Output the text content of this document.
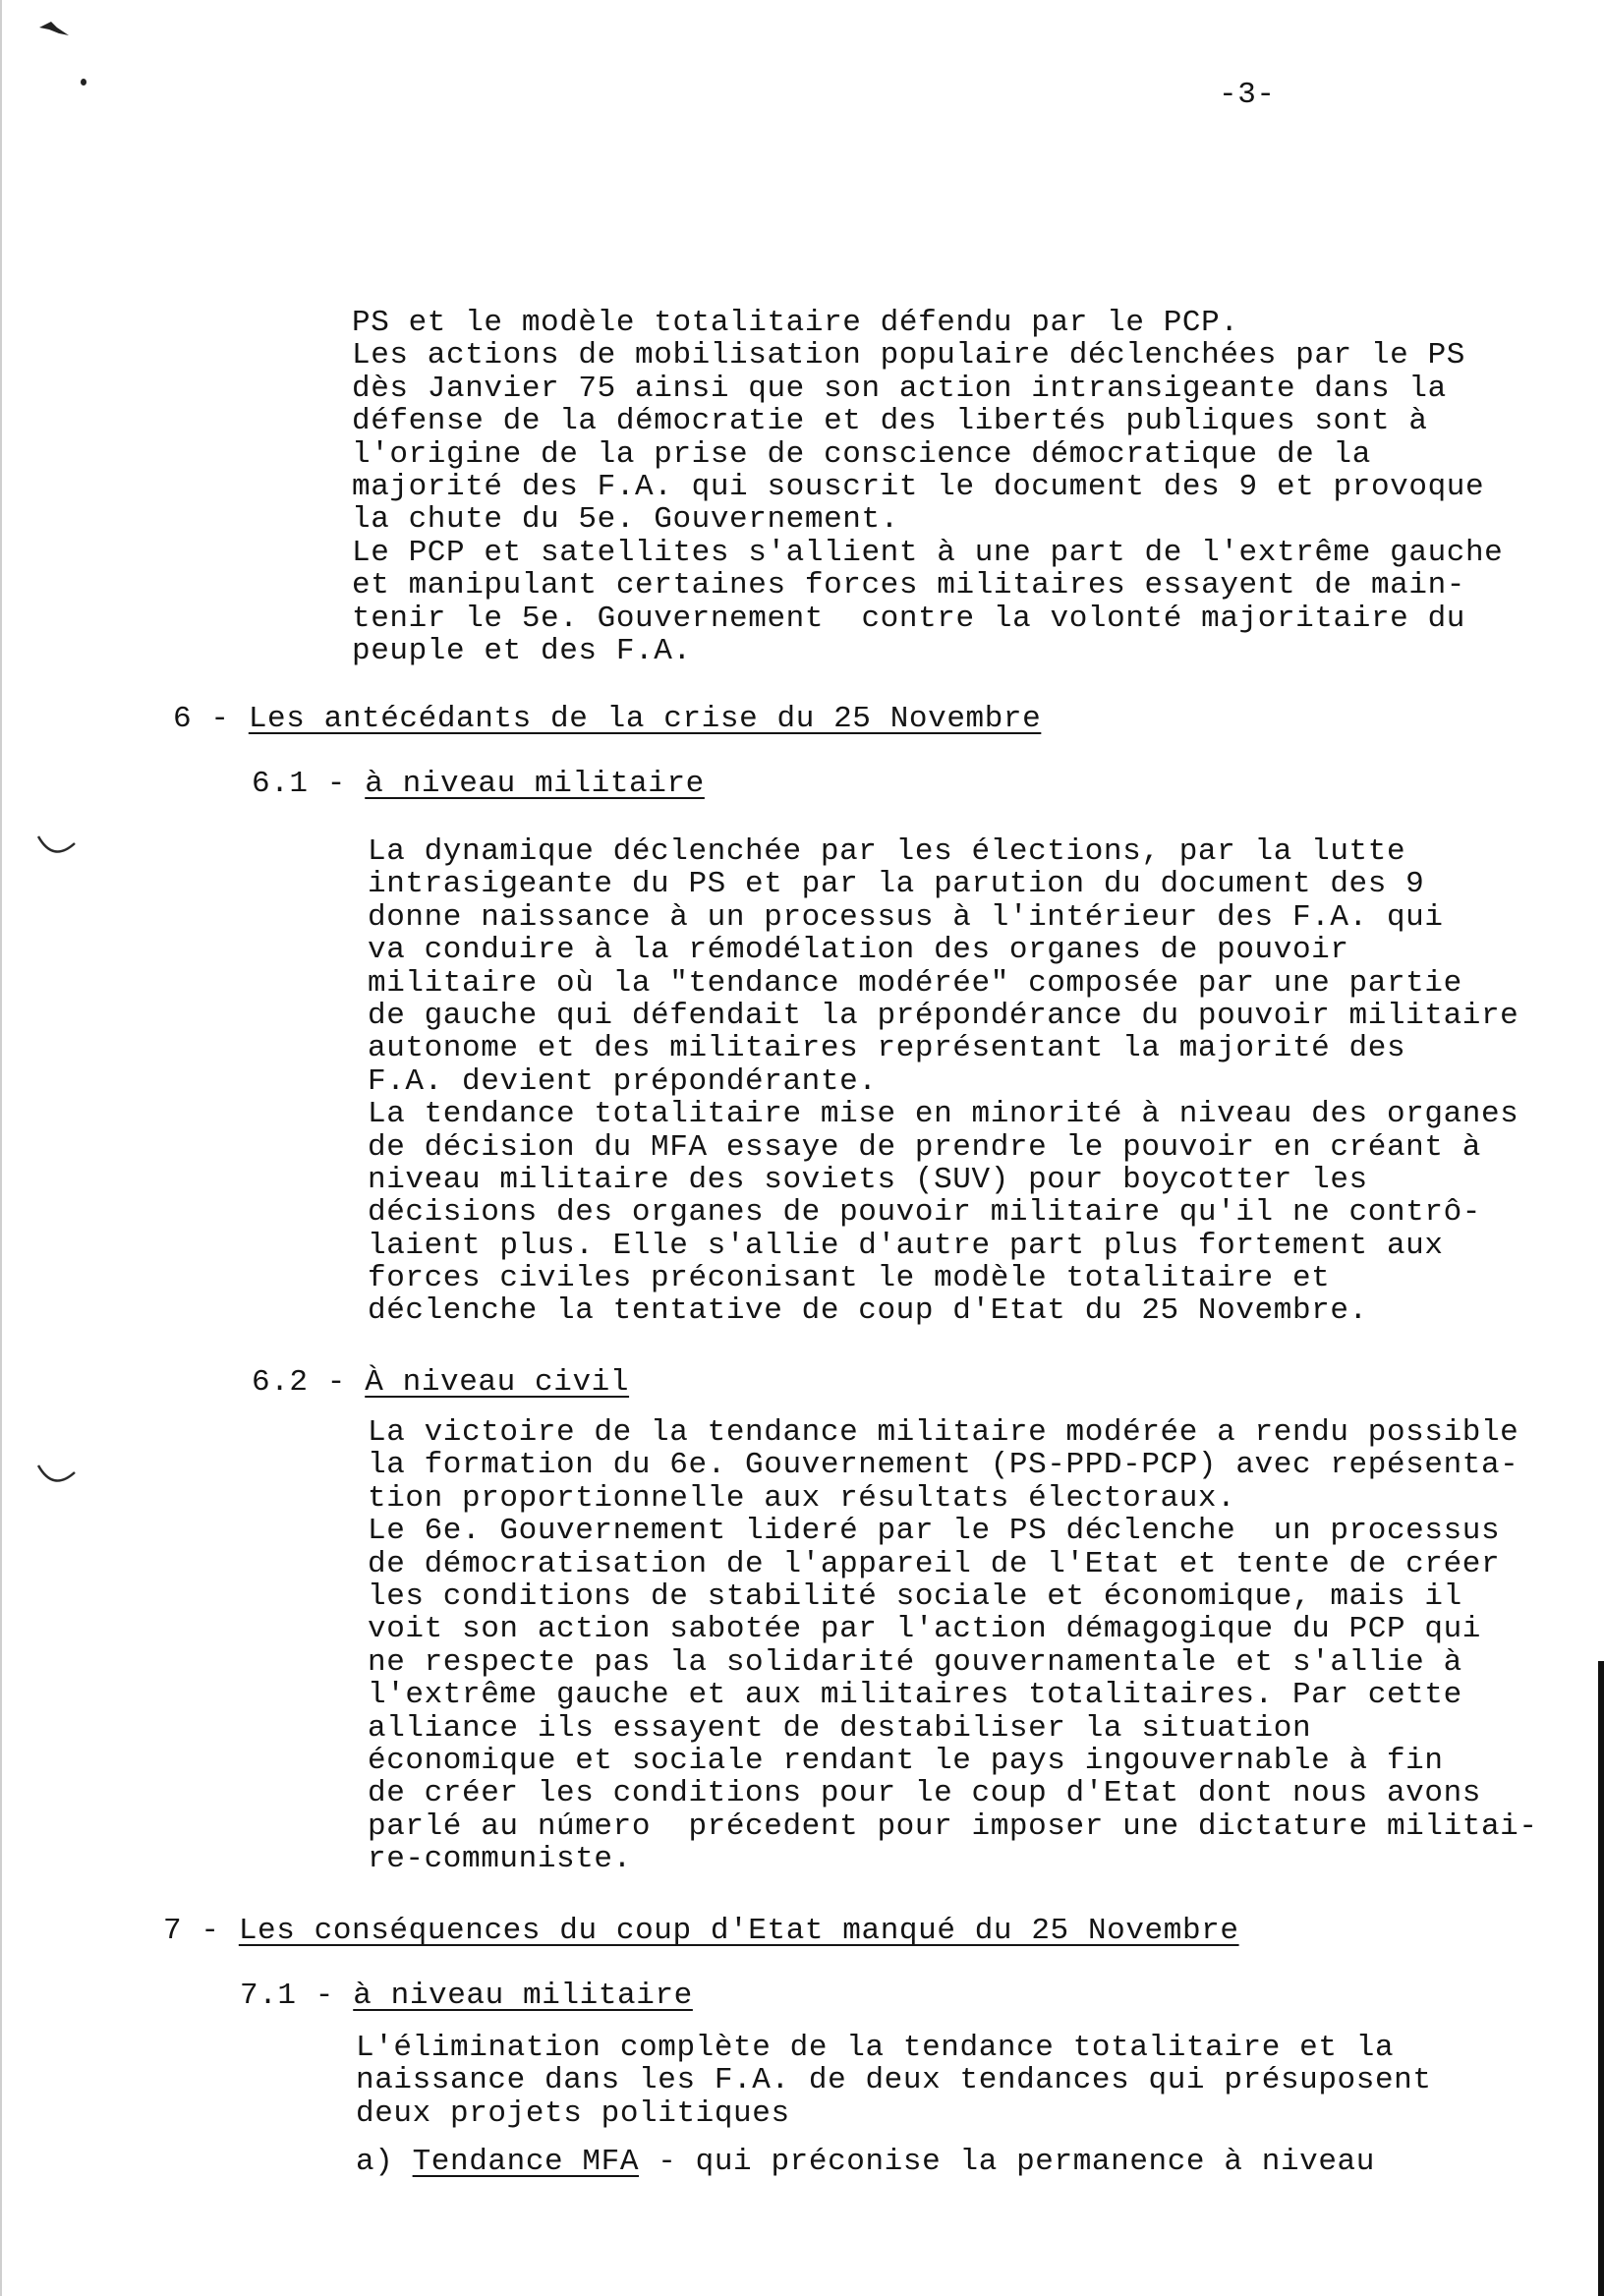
-3-
PS et le modèle totalitaire défendu par le PCP.
Les actions de mobilisation populaire déclenchées par le PS
dès Janvier 75 ainsi que son action intransigeante dans la
défense de la démocratie et des libertés publiques sont à
l'origine de la prise de conscience démocratique de la
majorité des F.A. qui souscrit le document des 9 et provoque
la chute du 5e. Gouvernement.
Le PCP et satellites s'allient à une part de l'extrême gauche
et manipulant certaines forces militaires essayent de main-
tenir le 5e. Gouvernement  contre la volonté majoritaire du
peuple et des F.A.
6 - Les antécédants de la crise du 25 Novembre
6.1 - à niveau militaire
La dynamique déclenchée par les élections, par la lutte
intrasigeante du PS et par la parution du document des 9
donne naissance à un processus à l'intérieur des F.A. qui
va conduire à la rémodélation des organes de pouvoir
militaire où la "tendance modérée" composée par une partie
de gauche qui défendait la prépondérance du pouvoir militaire
autonome et des militaires représentant la majorité des
F.A. devient prépondérante.
La tendance totalitaire mise en minorité à niveau des organes
de décision du MFA essaye de prendre le pouvoir en créant à
niveau militaire des soviets (SUV) pour boycotter les
décisions des organes de pouvoir militaire qu'il ne contrô-
laient plus. Elle s'allie d'autre part plus fortement aux
forces civiles préconisant le modèle totalitaire et
déclenche la tentative de coup d'Etat du 25 Novembre.
6.2 - À niveau civil
La victoire de la tendance militaire modérée a rendu possible
la formation du 6e. Gouvernement (PS-PPD-PCP) avec repésenta-
tion proportionnelle aux résultats électoraux.
Le 6e. Gouvernement lideré par le PS déclenche  un processus
de démocratisation de l'appareil de l'Etat et tente de créer
les conditions de stabilité sociale et économique, mais il
voit son action sabotée par l'action démagogique du PCP qui
ne respecte pas la solidarité gouvernamentale et s'allie à
l'extrême gauche et aux militaires totalitaires. Par cette
alliance ils essayent de destabiliser la situation
économique et sociale rendant le pays ingouvernable à fin
de créer les conditions pour le coup d'Etat dont nous avons
parlé au número  précedent pour imposer une dictature militai-
re-communiste.
7 - Les conséquences du coup d'Etat manqué du 25 Novembre
7.1 - à niveau militaire
L'élimination complète de la tendance totalitaire et la
naissance dans les F.A. de deux tendances qui présuposent
deux projets politiques
a) Tendance MFA - qui préconise la permanence à niveau
